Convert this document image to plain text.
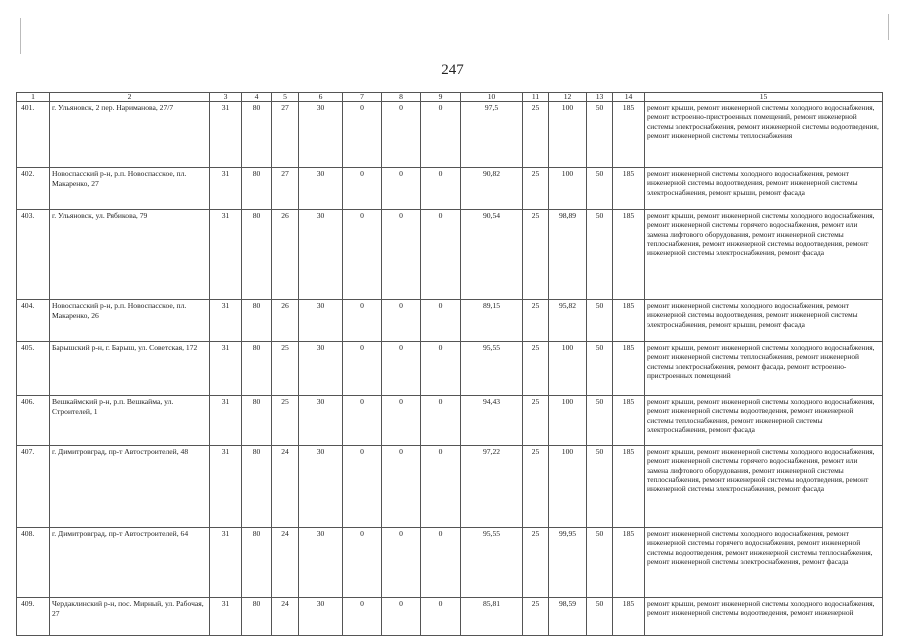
247
1	2	3	4	5	6	7	8	9	10	11	12	13	14	15
401.	г. Ульяновск, 2 пер. Нариманова, 27/7	31	80	27	30	0	0	0	97,5	25	100	50	185	ремонт крыши, ремонт инженерной системы холодного водоснабжения, ремонт встроенно-пристроенных помещений, ремонт инженерной системы электроснабжения, ремонт инженерной системы водоотведения, ремонт инженерной системы теплоснабжения
402.	Новоспасский р-н, р.п. Новоспасское, пл. Макаренко, 27	31	80	27	30	0	0	0	90,82	25	100	50	185	ремонт инженерной системы холодного водоснабжения, ремонт инженерной системы водоотведения, ремонт инженерной системы электроснабжения, ремонт крыши, ремонт фасада
403.	г. Ульяновск, ул. Рябикова, 79	31	80	26	30	0	0	0	90,54	25	98,89	50	185	ремонт крыши, ремонт инженерной системы холодного водоснабжения, ремонт инженерной системы горячего водоснабжения, ремонт или замена лифтового оборудования, ремонт инженерной системы теплоснабжения, ремонт инженерной системы водоотведения, ремонт инженерной системы электроснабжения, ремонт фасада
404.	Новоспасский р-н, р.п. Новоспасское, пл. Макаренко, 26	31	80	26	30	0	0	0	89,15	25	95,82	50	185	ремонт инженерной системы холодного водоснабжения, ремонт инженерной системы водоотведения, ремонт инженерной системы электроснабжения, ремонт крыши, ремонт фасада
405.	Барышский р-н, г. Барыш, ул. Советская, 172	31	80	25	30	0	0	0	95,55	25	100	50	185	ремонт крыши, ремонт инженерной системы холодного водоснабжения, ремонт инженерной системы теплоснабжения, ремонт инженерной системы электроснабжения, ремонт фасада, ремонт встроенно-пристроенных помещений
406.	Вешкаймский р-н, р.п. Вешкайма, ул. Строителей, 1	31	80	25	30	0	0	0	94,43	25	100	50	185	ремонт крыши, ремонт инженерной системы холодного водоснабжения, ремонт инженерной системы водоотведения, ремонт инженерной системы теплоснабжения, ремонт инженерной системы электроснабжения, ремонт фасада
407.	г. Димитровград, пр-т Автостроителей, 48	31	80	24	30	0	0	0	97,22	25	100	50	185	ремонт крыши, ремонт инженерной системы холодного водоснабжения, ремонт инженерной системы горячего водоснабжения, ремонт или замена лифтового оборудования, ремонт инженерной системы теплоснабжения, ремонт инженерной системы водоотведения, ремонт инженерной системы электроснабжения, ремонт фасада
408.	г. Димитровград, пр-т Автостроителей, 64	31	80	24	30	0	0	0	95,55	25	99,95	50	185	ремонт инженерной системы холодного водоснабжения, ремонт инженерной системы горячего водоснабжения, ремонт инженерной системы водоотведения, ремонт инженерной системы теплоснабжения, ремонт инженерной системы электроснабжения, ремонт фасада
409.	Чердаклинский р-н, пос. Мирный, ул. Рабочая, 27	31	80	24	30	0	0	0	85,81	25	98,59	50	185	ремонт крыши, ремонт инженерной системы холодного водоснабжения, ремонт инженерной системы водоотведения, ремонт инженерной
